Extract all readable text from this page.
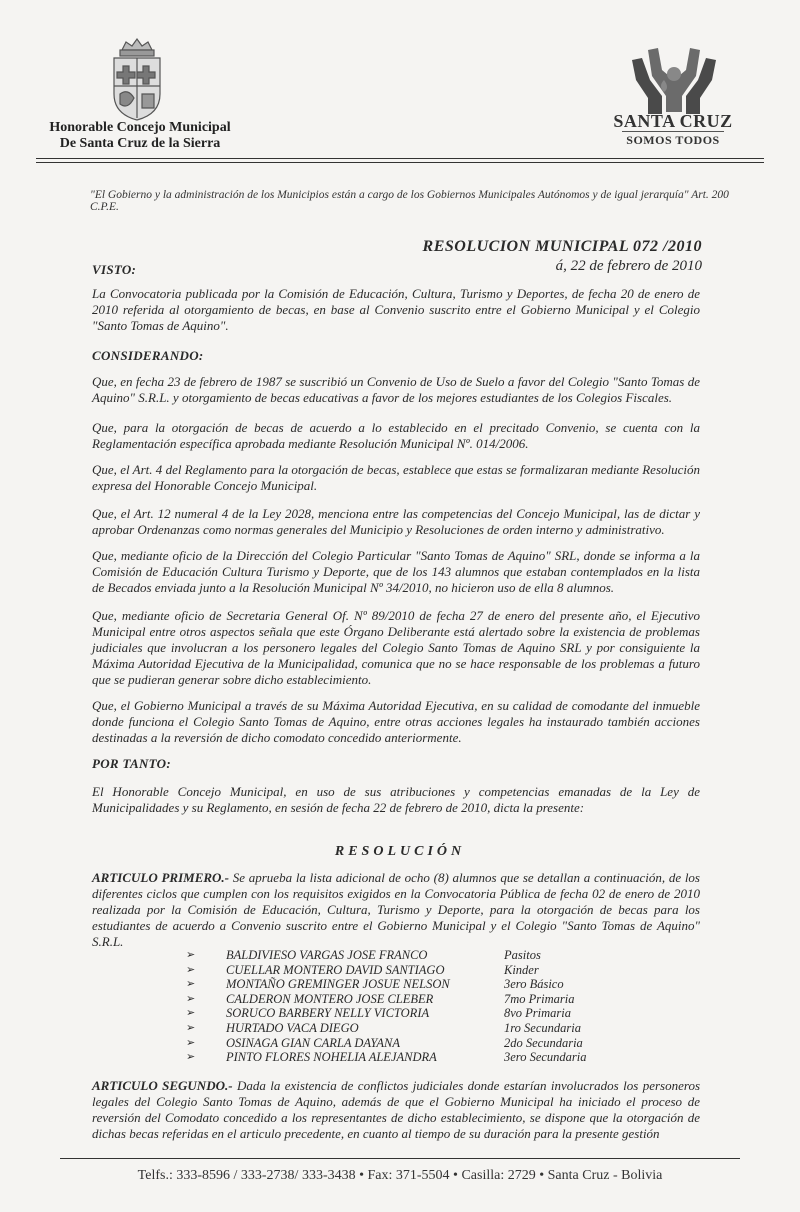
Honorable Concejo Municipal
De Santa Cruz de la Sierra
SANTA CRUZ
SOMOS TODOS
"El Gobierno y la administración de los Municipios están a cargo de los Gobiernos Municipales Autónomos y de igual jerarquía" Art. 200 C.P.E.
RESOLUCION MUNICIPAL 072 /2010
á, 22 de febrero de 2010
VISTO:
La Convocatoria publicada por la Comisión de Educación, Cultura, Turismo y Deportes, de fecha 20 de enero de 2010 referida al otorgamiento de becas, en base al Convenio suscrito entre el Gobierno Municipal y el Colegio "Santo Tomas de Aquino".
CONSIDERANDO:
Que, en fecha 23 de febrero de 1987 se suscribió un Convenio de Uso de Suelo a favor del Colegio "Santo Tomas de Aquino" S.R.L. y otorgamiento de becas educativas a favor de los mejores estudiantes de los Colegios Fiscales.
Que, para la otorgación de becas de acuerdo a lo establecido en el precitado Convenio, se cuenta con la Reglamentación específica aprobada mediante Resolución Municipal Nº. 014/2006.
Que, el Art. 4 del Reglamento para la otorgación de becas, establece que estas se formalizaran mediante Resolución expresa del Honorable Concejo Municipal.
Que, el Art. 12 numeral 4 de la Ley 2028, menciona entre las competencias del Concejo Municipal, las de dictar y aprobar Ordenanzas como normas generales del Municipio y Resoluciones de orden interno y administrativo.
Que, mediante oficio de la Dirección del Colegio Particular "Santo Tomas de Aquino" SRL, donde se informa a la Comisión de Educación Cultura Turismo y Deporte, que de los 143 alumnos que estaban contemplados en la lista de Becados enviada junto a la Resolución Municipal Nº 34/2010, no hicieron uso de ella 8 alumnos.
Que, mediante oficio de Secretaria General Of. Nº 89/2010 de fecha 27 de enero del presente año, el Ejecutivo Municipal entre otros aspectos señala que este Órgano Deliberante está alertado sobre la existencia de problemas judiciales que involucran a los personero legales del Colegio Santo Tomas de Aquino SRL y por consiguiente la Máxima Autoridad Ejecutiva de la Municipalidad, comunica que no se hace responsable de los problemas a futuro que se pudieran generar sobre dicho establecimiento.
Que, el Gobierno Municipal a través de su Máxima Autoridad Ejecutiva, en su calidad de comodante del inmueble donde funciona el Colegio Santo Tomas de Aquino, entre otras acciones legales ha instaurado también acciones destinadas a la reversión de dicho comodato concedido anteriormente.
POR TANTO:
El Honorable Concejo Municipal, en uso de sus atribuciones y competencias emanadas de la Ley de Municipalidades y su Reglamento, en sesión de fecha 22 de febrero de 2010, dicta la presente:
RESOLUCIÓN
ARTICULO PRIMERO.- Se aprueba la lista adicional de ocho (8) alumnos que se detallan a continuación, de los diferentes ciclos que cumplen con los requisitos exigidos en la Convocatoria Pública de fecha 02 de enero de 2010 realizada por la Comisión de Educación, Cultura, Turismo y Deporte, para la otorgación de becas para los estudiantes de acuerdo a Convenio suscrito entre el Gobierno Municipal y el Colegio "Santo Tomas de Aquino" S.R.L.
➢ BALDIVIESO VARGAS JOSE FRANCO	Pasitos
➢ CUELLAR MONTERO DAVID SANTIAGO	Kinder
➢ MONTAÑO GREMINGER JOSUE NELSON	3ero Básico
➢ CALDERON MONTERO JOSE CLEBER	7mo Primaria
➢ SORUCO BARBERY NELLY VICTORIA	8vo Primaria
➢ HURTADO VACA DIEGO	1ro Secundaria
➢ OSINAGA GIAN CARLA DAYANA	2do Secundaria
➢ PINTO FLORES NOHELIA ALEJANDRA	3ero Secundaria
ARTICULO SEGUNDO.- Dada la existencia de conflictos judiciales donde estarían involucrados los personeros legales del Colegio Santo Tomas de Aquino, además de que el Gobierno Municipal ha iniciado el proceso de reversión del Comodato concedido a los representantes de dicho establecimiento, se dispone que la otorgación de dichas becas referidas en el articulo precedente, en cuanto al tiempo de su duración para la presente gestión
Telfs.: 333-8596 / 333-2738/ 333-3438 • Fax: 371-5504 • Casilla: 2729 • Santa Cruz - Bolivia
